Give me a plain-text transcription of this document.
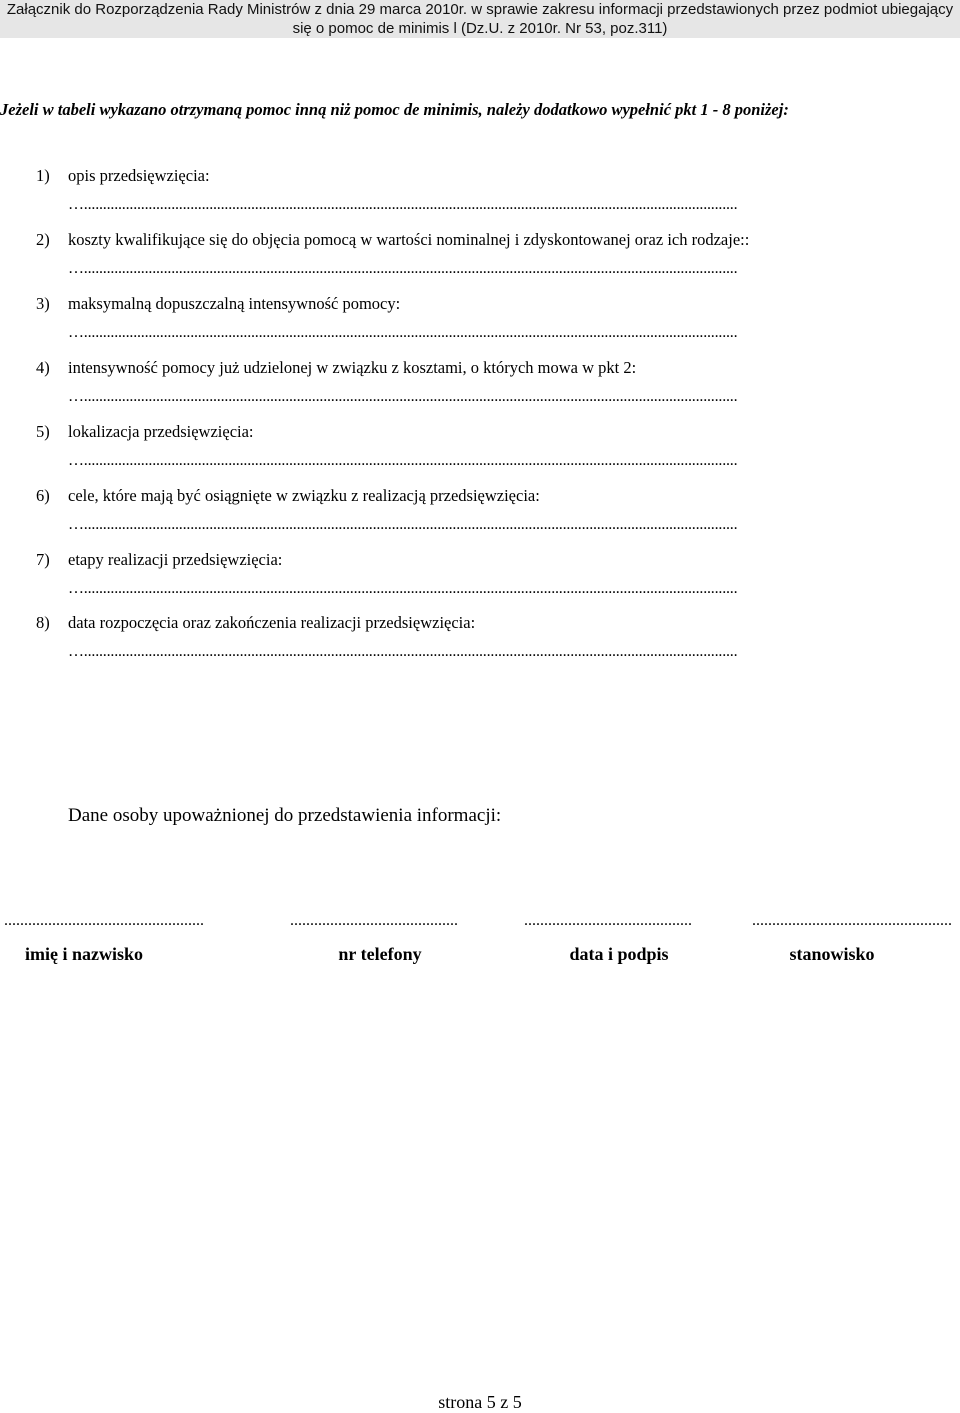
Załącznik do Rozporządzenia Rady Ministrów z dnia 29 marca 2010r. w sprawie zakresu informacji przedstawionych przez podmiot ubiegający
się o pomoc de minimis l (Dz.U. z 2010r. Nr 53, poz.311)
Jeżeli w tabeli wykazano otrzymaną pomoc inną niż pomoc de minimis, należy dodatkowo wypełnić pkt 1 - 8 poniżej:
1) opis przedsięwzięcia:
…............................................................................................................................................................................
2) koszty kwalifikujące się do objęcia pomocą w wartości nominalnej i zdyskontowanej oraz ich rodzaje::
…............................................................................................................................................................................
3) maksymalną dopuszczalną intensywność pomocy:
…............................................................................................................................................................................
4) intensywność pomocy już udzielonej w związku z kosztami, o których mowa w pkt 2:
…............................................................................................................................................................................
5) lokalizacja przedsięwzięcia:
…............................................................................................................................................................................
6) cele, które mają być osiągnięte w związku z realizacją przedsięwzięcia:
…............................................................................................................................................................................
7) etapy realizacji przedsięwzięcia:
…............................................................................................................................................................................
8) data rozpoczęcia oraz zakończenia realizacji przedsięwzięcia:
…............................................................................................................................................................................
Dane osoby upoważnionej do przedstawienia informacji:
..................................................	..........................................	..........................................	..................................................
imię i nazwisko	nr telefony	data i podpis	stanowisko
strona 5 z 5
